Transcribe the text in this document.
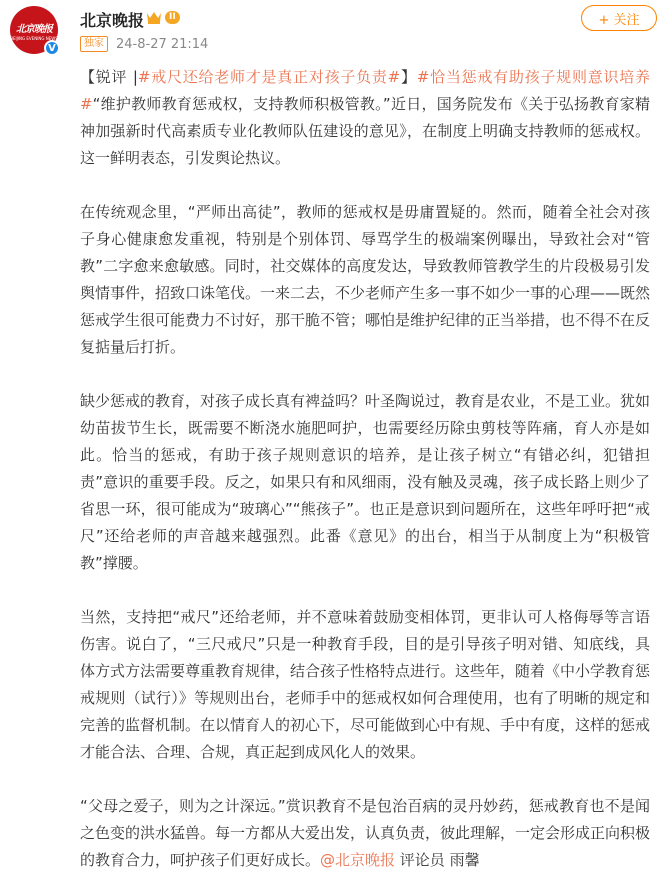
北京晚报
BEIJING EVENING NEWS
V
北京晚报	II
独家 24-8-27 21:14
+ 关注

【锐评 |#戒尺还给老师才是真正对孩子负责#】#恰当惩戒有助孩子规则意识培养#“维护教师教育惩戒权，支持教师积极管教。”近日，国务院发布《关于弘扬教育家精神加强新时代高素质专业化教师队伍建设的意见》，在制度上明确支持教师的惩戒权。这一鲜明表态，引发舆论热议。

在传统观念里，“严师出高徒”，教师的惩戒权是毋庸置疑的。然而，随着全社会对孩子身心健康愈发重视，特别是个别体罚、辱骂学生的极端案例曝出，导致社会对“管教”二字愈来愈敏感。同时，社交媒体的高度发达，导致教师管教学生的片段极易引发舆情事件，招致口诛笔伐。一来二去，不少老师产生多一事不如少一事的心理——既然惩戒学生很可能费力不讨好，那干脆不管；哪怕是维护纪律的正当举措，也不得不在反复掂量后打折。

缺少惩戒的教育，对孩子成长真有裨益吗？叶圣陶说过，教育是农业，不是工业。犹如幼苗拔节生长，既需要不断浇水施肥呵护，也需要经历除虫剪枝等阵痛，育人亦是如此。恰当的惩戒，有助于孩子规则意识的培养，是让孩子树立“有错必纠，犯错担责”意识的重要手段。反之，如果只有和风细雨，没有触及灵魂，孩子成长路上则少了省思一环，很可能成为“玻璃心”“熊孩子”。也正是意识到问题所在，这些年呼吁把“戒尺”还给老师的声音越来越强烈。此番《意见》的出台，相当于从制度上为“积极管教”撑腰。

当然，支持把“戒尺”还给老师，并不意味着鼓励变相体罚，更非认可人格侮辱等言语伤害。说白了，“三尺戒尺”只是一种教育手段，目的是引导孩子明对错、知底线，具体方式方法需要尊重教育规律，结合孩子性格特点进行。这些年，随着《中小学教育惩戒规则（试行）》等规则出台，老师手中的惩戒权如何合理使用，也有了明晰的规定和完善的监督机制。在以情育人的初心下，尽可能做到心中有规、手中有度，这样的惩戒才能合法、合理、合规，真正起到成风化人的效果。

“父母之爱子，则为之计深远。”赏识教育不是包治百病的灵丹妙药，惩戒教育也不是闻之色变的洪水猛兽。每一方都从大爱出发，认真负责，彼此理解，一定会形成正向积极的教育合力，呵护孩子们更好成长。@北京晚报 评论员 雨馨
